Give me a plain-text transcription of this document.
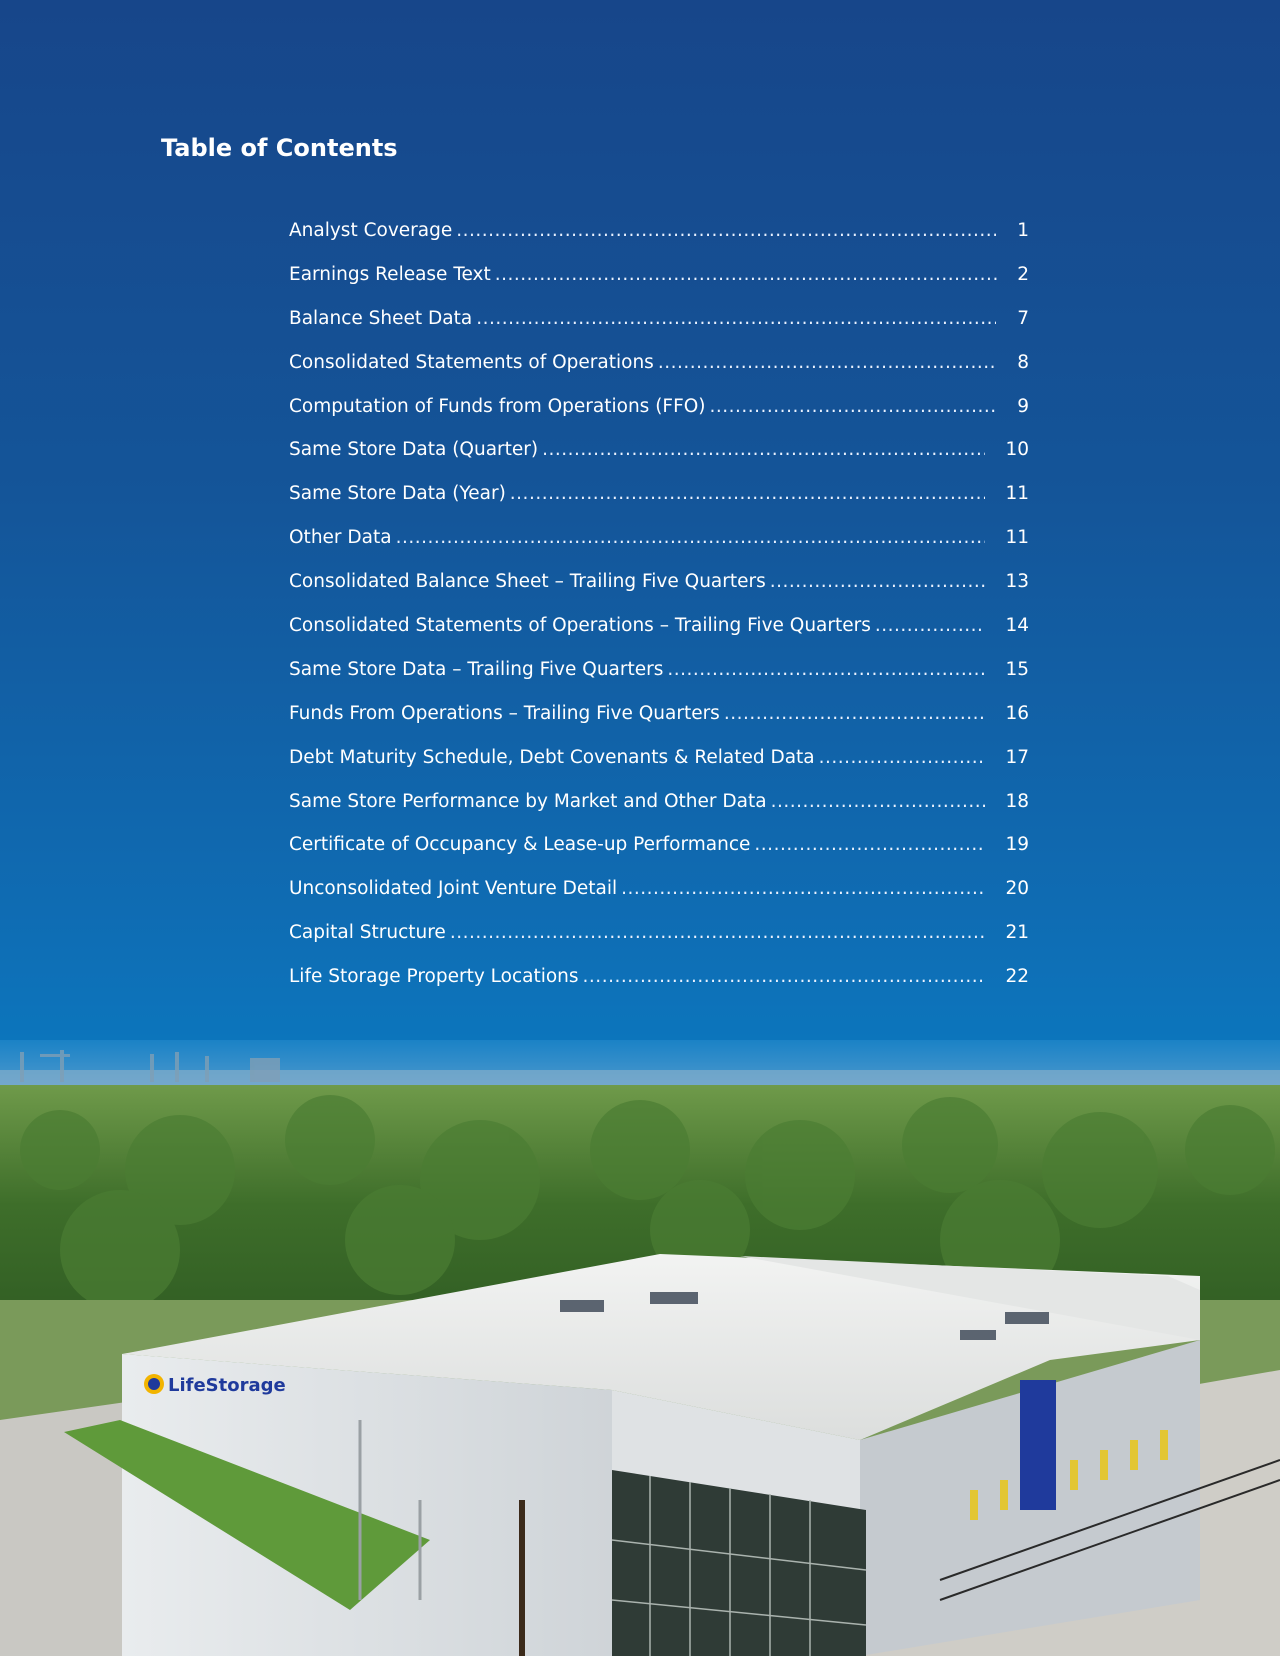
Table of Contents
Analyst Coverage .....	1
Earnings Release Text .....	2
Balance Sheet Data .....	7
Consolidated Statements of Operations .....	8
Computation of Funds from Operations (FFO) .....	9
Same Store Data (Quarter) .....	10
Same Store Data (Year) .....	11
Other Data .....	11
Consolidated Balance Sheet – Trailing Five Quarters .....	13
Consolidated Statements of Operations – Trailing Five Quarters .....	14
Same Store Data – Trailing Five Quarters .....	15
Funds From Operations – Trailing Five Quarters .....	16
Debt Maturity Schedule, Debt Covenants & Related Data .....	17
Same Store Performance by Market and Other Data .....	18
Certificate of Occupancy & Lease-up Performance .....	19
Unconsolidated Joint Venture Detail .....	20
Capital Structure .....	21
Life Storage Property Locations .....	22
LifeStorage
